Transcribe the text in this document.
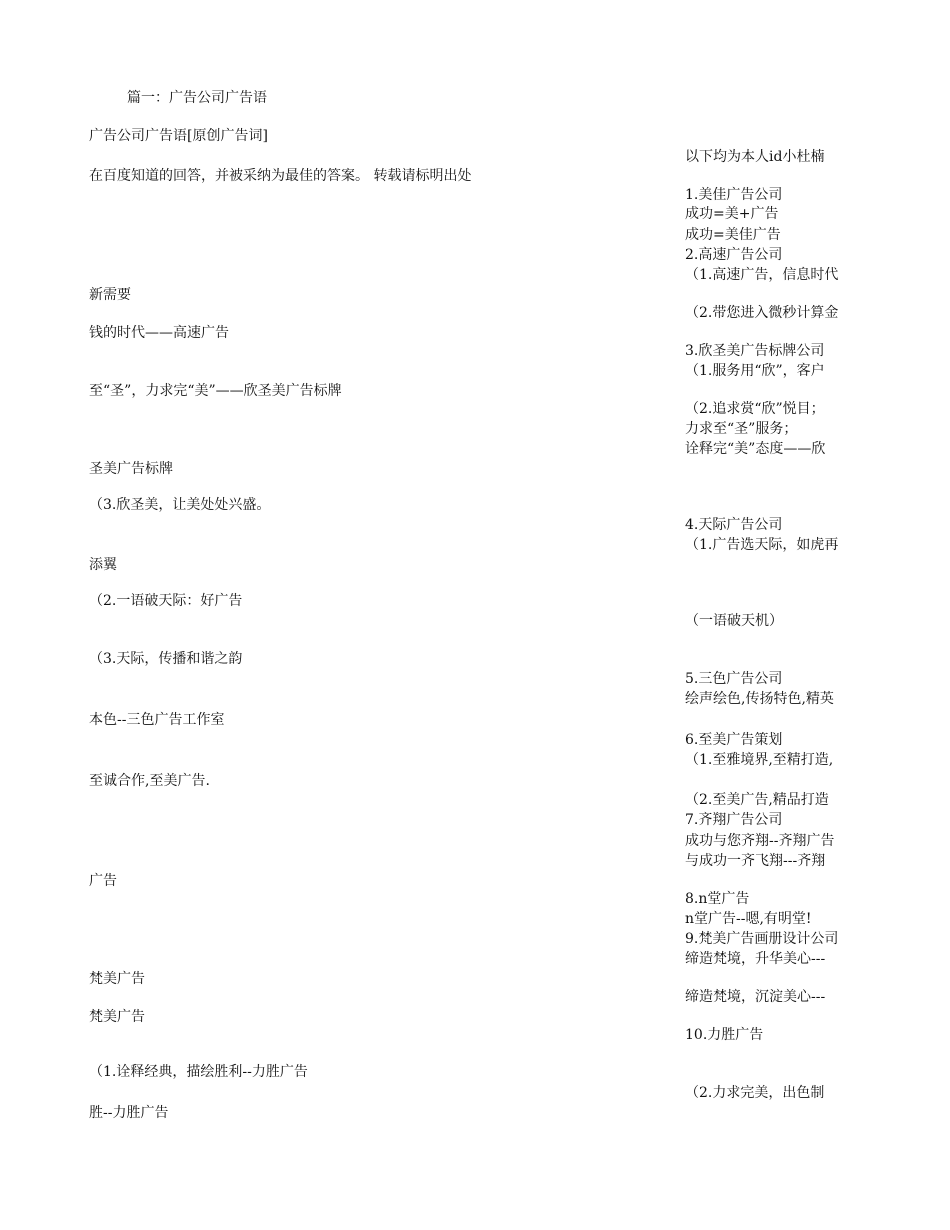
篇一：广告公司广告语
广告公司广告语[原创广告词]
在百度知道的回答，并被采纳为最佳的答案。 转载请标明出处
新需要
钱的时代——高速广告
至“圣”，力求完“美”——欣圣美广告标牌
圣美广告标牌
（3.欣圣美，让美处处兴盛。
添翼
（2.一语破天际：好广告
（3.天际，传播和谐之韵
本色--三色广告工作室
至诚合作,至美广告.
广告
梵美广告
梵美广告
（1.诠释经典，描绘胜利--力胜广告
胜--力胜广告
以下均为本人id小杜楠
1.美佳广告公司
成功=美+广告
成功=美佳广告
2.高速广告公司
（1.高速广告，信息时代
（2.带您进入微秒计算金
3.欣圣美广告标牌公司
（1.服务用“欣”，客户
（2.追求赏“欣”悦目；
力求至“圣”服务；
诠释完“美”态度——欣
4.天际广告公司
（1.广告选天际，如虎再
（一语破天机）
5.三色广告公司
绘声绘色,传扬特色,精英
6.至美广告策划
（1.至雅境界,至精打造,
（2.至美广告,精品打造
7.齐翔广告公司
成功与您齐翔--齐翔广告
与成功一齐飞翔---齐翔
8.n堂广告
n堂广告--嗯,有明堂!
9.梵美广告画册设计公司
缔造梵境，升华美心---
缔造梵境，沉淀美心---
10.力胜广告
（2.力求完美，出色制
